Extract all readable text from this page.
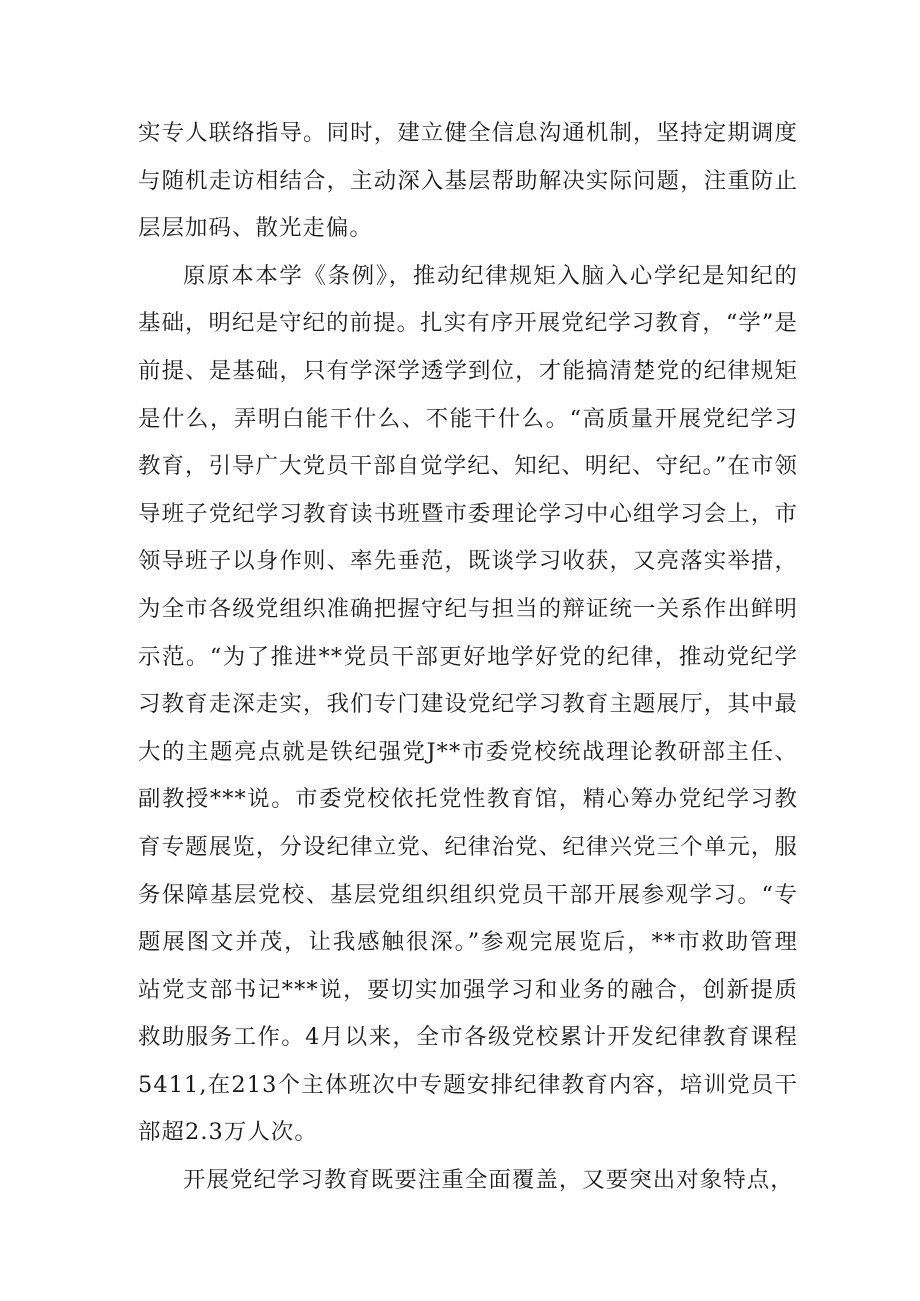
实专人联络指导。同时，建立健全信息沟通机制，坚持定期调度与随机走访相结合，主动深入基层帮助解决实际问题，注重防止层层加码、散光走偏。

原原本本学《条例》，推动纪律规矩入脑入心学纪是知纪的基础，明纪是守纪的前提。扎实有序开展党纪学习教育，“学”是前提、是基础，只有学深学透学到位，才能搞清楚党的纪律规矩是什么，弄明白能干什么、不能干什么。“高质量开展党纪学习教育，引导广大党员干部自觉学纪、知纪、明纪、守纪。”在市领导班子党纪学习教育读书班暨市委理论学习中心组学习会上，市领导班子以身作则、率先垂范，既谈学习收获，又亮落实举措，为全市各级党组织准确把握守纪与担当的辩证统一关系作出鲜明示范。“为了推进**党员干部更好地学好党的纪律，推动党纪学习教育走深走实，我们专门建设党纪学习教育主题展厅，其中最大的主题亮点就是铁纪强党J**市委党校统战理论教研部主任、副教授***说。市委党校依托党性教育馆，精心筹办党纪学习教育专题展览，分设纪律立党、纪律治党、纪律兴党三个单元，服务保障基层党校、基层党组织组织党员干部开展参观学习。“专题展图文并茂，让我感触很深。”参观完展览后，**市救助管理站党支部书记***说，要切实加强学习和业务的融合，创新提质救助服务工作。4月以来，全市各级党校累计开发纪律教育课程5411,在213个主体班次中专题安排纪律教育内容，培训党员干部超2.3万人次。

开展党纪学习教育既要注重全面覆盖，又要突出对象特点，
